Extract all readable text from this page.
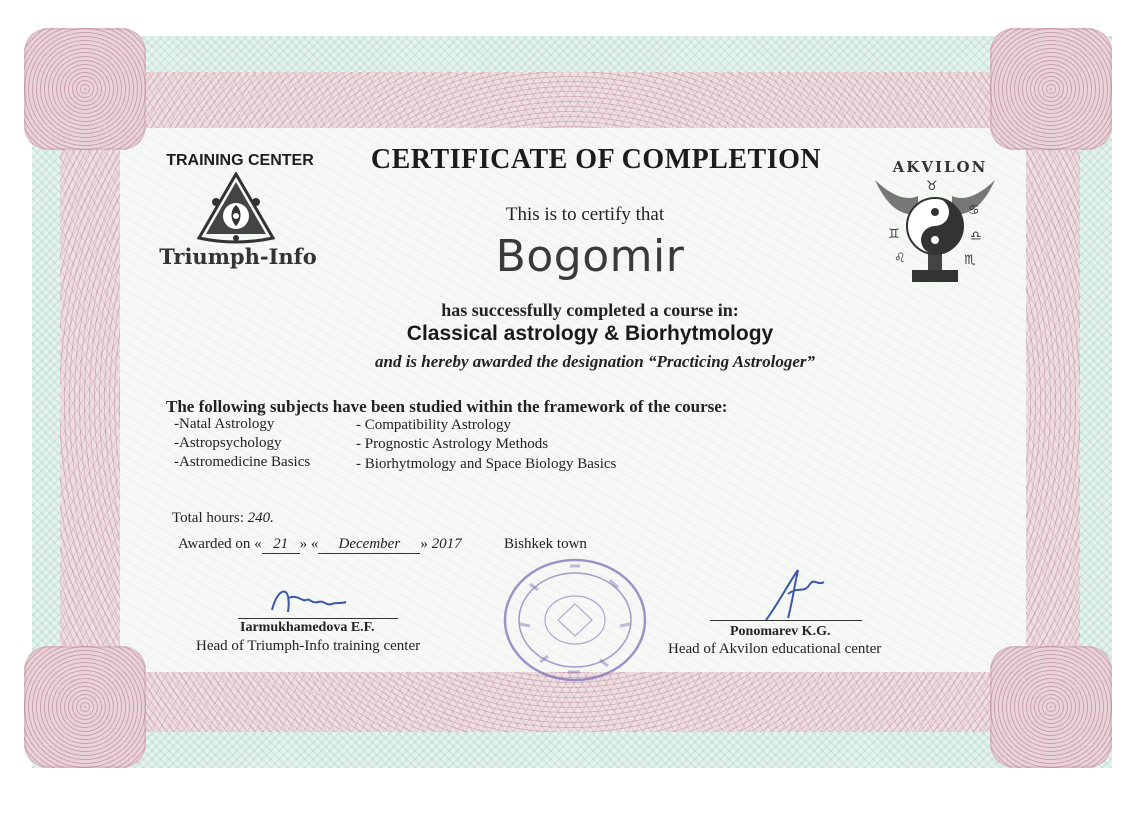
TRAINING CENTER
Triumph-Info
CERTIFICATE OF COMPLETION	AKVILON
♊
♌
♋
♎
♏
♉
This is to certify that
Bogomir
has successfully completed a course in:
Classical astrology & Biorhytmology
and is hereby awarded the designation “Practicing Astrologer”
The following subjects have been studied within the framework of the course:
-Natal Astrology
-Astropsychology
-Astromedicine Basics
- Compatibility Astrology
- Prognostic Astrology Methods
- Biorhytmology and Space Biology Basics
Total hours: 240.
Awarded on « 21 » « December » 2017	Bishkek town
Iarmukhamedova E.F.
Head of Triumph-Info training center
Ponomarev K.G.
Head of Akvilon educational center
